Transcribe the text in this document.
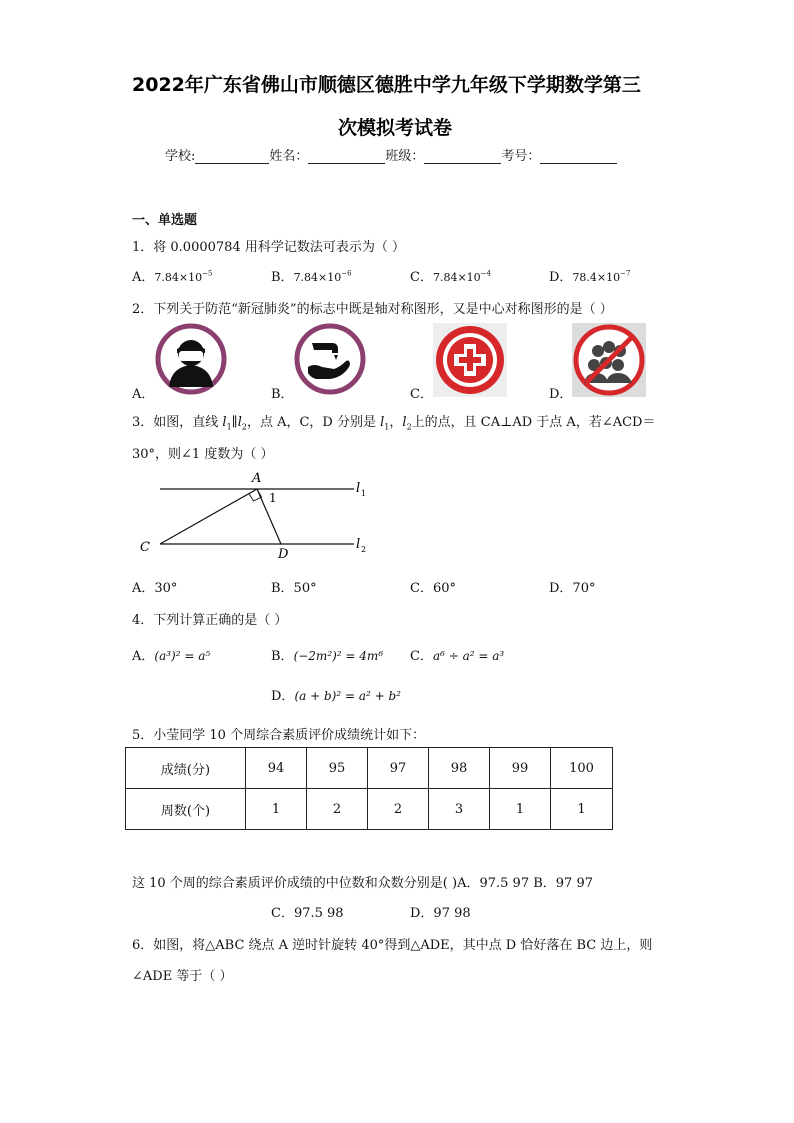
2022年广东省佛山市顺德区德胜中学九年级下学期数学第三
次模拟考试卷
学校:	姓名：	班级：	考号：
一、单选题
1．将 0.0000784 用科学记数法可表示为（ ）
A．$7.84\times 10^{-5}$	B．$7.84\times 10^{-6}$	C．$7.84\times 10^{-4}$	D．$78.4\times 10^{-7}$
2．下列关于防范“新冠肺炎”的标志中既是轴对称图形，又是中心对称图形的是（ ）
A．	B．	C．	D．
3．如图，直线 $l_1\parallel l_2$，点 A，C，D 分别是 $l_1$，$l_2$上的点，且 CA⊥AD 于点 A，若∠ACD＝
30°，则∠1 度数为（ ）
A
1
C	D
l 1
l 2
A．30°	B．50°	C．60°	D．70°
4．下列计算正确的是（ ）
A．(a³)² = a⁵	B．(−2m²)² = 4m⁶ C．a⁶ ÷ a² = a³
D．(a + b)² = a² + b²
5．小莹同学 10 个周综合素质评价成绩统计如下：
成绩(分)	94	95	97	98	99	100
周数(个)	1	2	2	3	1	1
这 10 个周的综合素质评价成绩的中位数和众数分别是( )A．97.5 97 B．97 97
C．97.5 98	D．97 98
6．如图，将△ABC 绕点 A 逆时针旋转 40°得到△ADE，其中点 D 恰好落在 BC 边上，则
∠ADE 等于（ ）
